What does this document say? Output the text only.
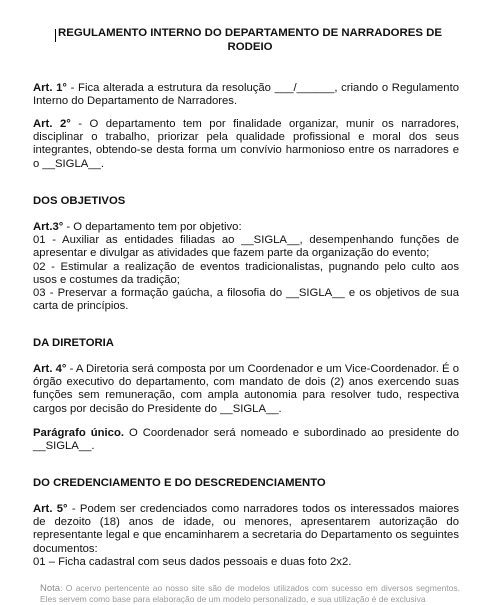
REGULAMENTO INTERNO DO DEPARTAMENTO DE NARRADORES DE RODEIO
Art. 1° - Fica alterada a estrutura da resolução ___/______, criando o Regulamento Interno do Departamento de Narradores.
Art. 2° - O departamento tem por finalidade organizar, munir os narradores, disciplinar o trabalho, priorizar pela qualidade profissional e moral dos seus integrantes, obtendo-se desta forma um convívio harmonioso entre os narradores e o __SIGLA__.
DOS OBJETIVOS
Art.3° - O departamento tem por objetivo:
01 - Auxiliar as entidades filiadas ao __SIGLA__, desempenhando funções de apresentar e divulgar as atividades que fazem parte da organização do evento;
02 - Estimular a realização de eventos tradicionalistas, pugnando pelo culto aos usos e costumes da tradição;
03 - Preservar a formação gaúcha, a filosofia do __SIGLA__ e os objetivos de sua carta de princípios.
DA DIRETORIA
Art. 4° - A Diretoria será composta por um Coordenador e um Vice-Coordenador. É o órgão executivo do departamento, com mandato de dois (2) anos exercendo suas funções sem remuneração, com ampla autonomia para resolver tudo, respectiva cargos por decisão do Presidente do __SIGLA__.
Parágrafo único. O Coordenador será nomeado e subordinado ao presidente do __SIGLA__.
DO CREDENCIAMENTO E DO DESCREDENCIAMENTO
Art. 5° - Podem ser credenciados como narradores todos os interessados maiores de dezoito (18) anos de idade, ou menores, apresentarem autorização do representante legal e que encaminharem a secretaria do Departamento os seguintes documentos:
01 – Ficha cadastral com seus dados pessoais e duas foto 2x2.
Nota: O acervo pertencente ao nosso site são de modelos utilizados com sucesso em diversos segmentos. Eles servem como base para elaboração de um modelo personalizado, e sua utilização é de exclusiva
